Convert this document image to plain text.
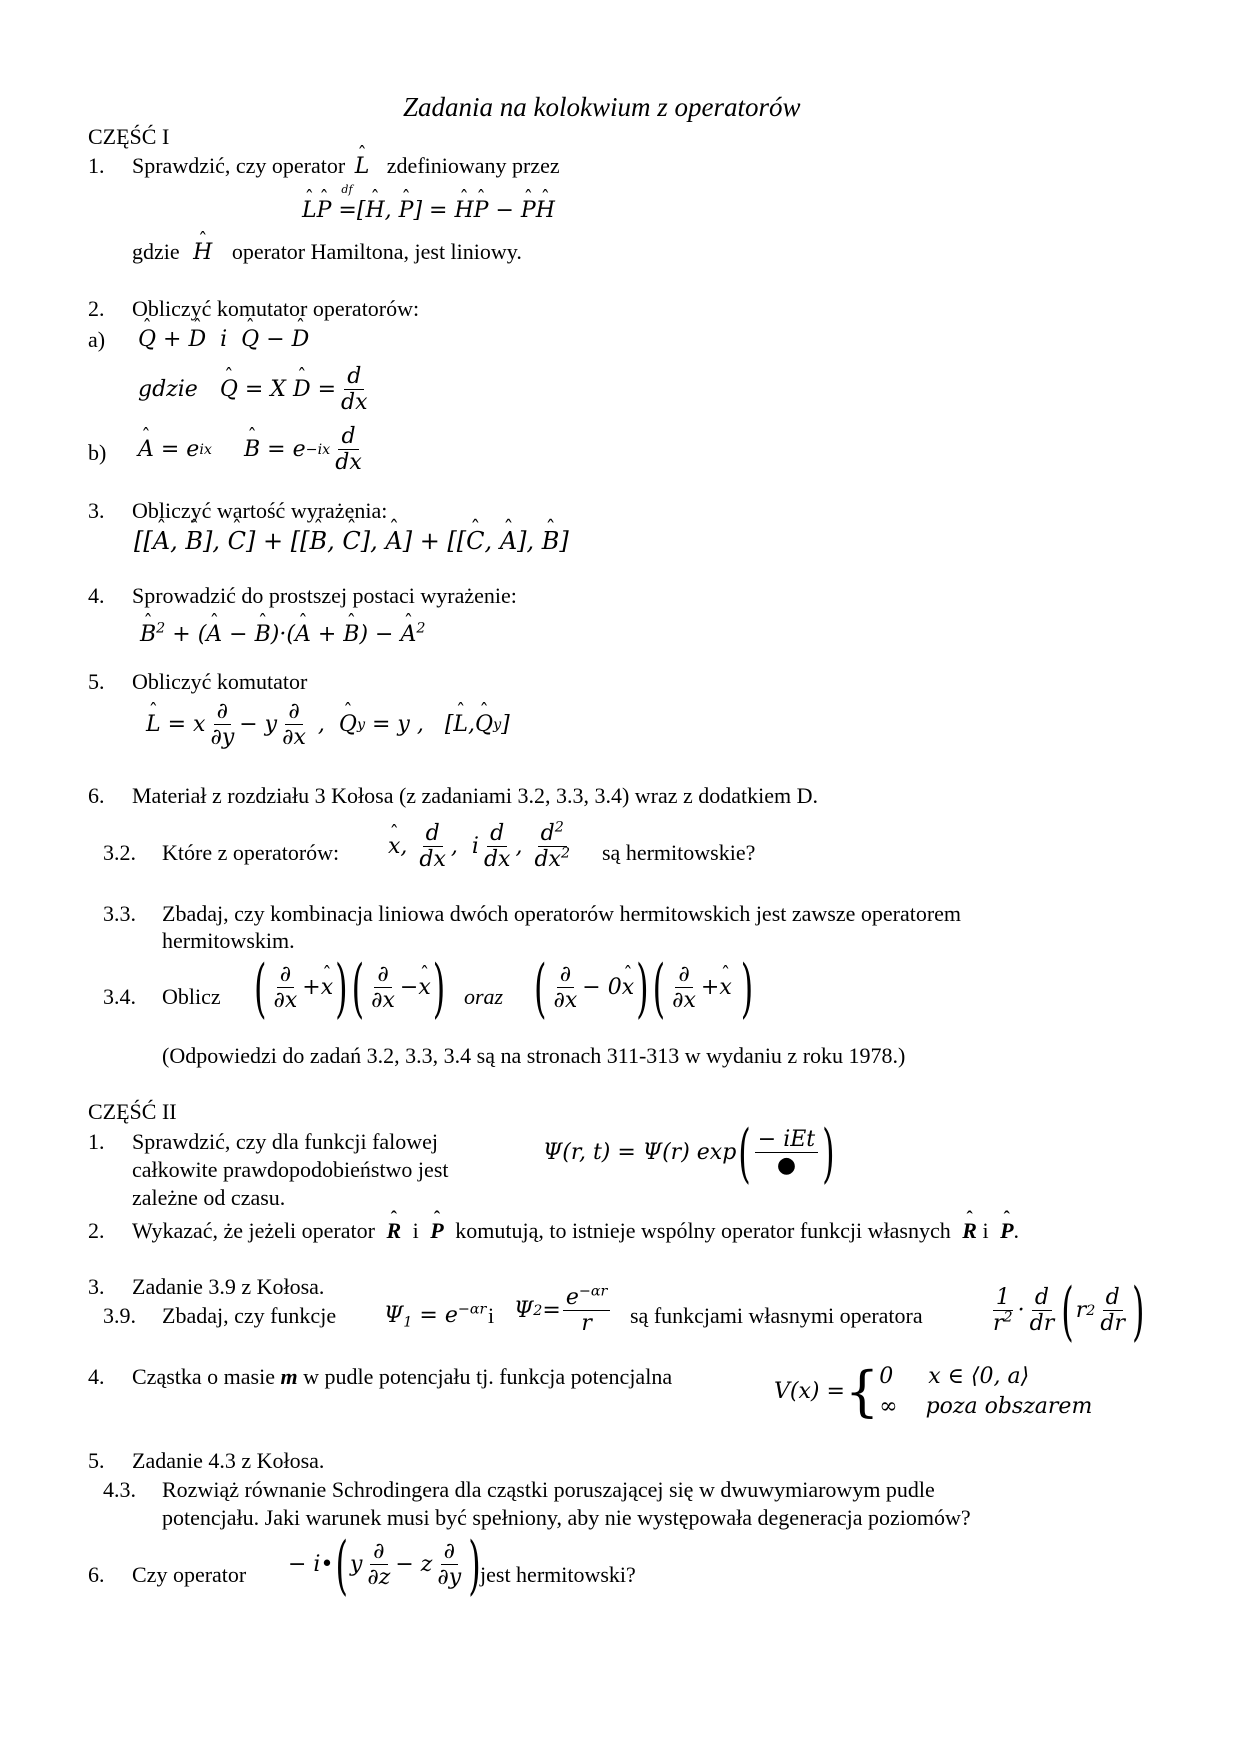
Zadania na kolokwium z operatorów
CZĘŚĆ I
1. Sprawdzić, czy operator ˆ L zdefiniowany przez
ˆ Lˆ P =
df
[ˆ H, ˆ P] = ˆ Hˆ P − ˆ Pˆ H
gdzie ˆ H operator Hamiltona, jest liniowy.
2. Obliczyć komutator operatorów:
a) ˆ Q + ˆ D i ˆ Q − ˆ D
gdzie ˆ Q = X ˆ $D = \frac{d}{dx}$
b) ˆ A = e ix ˆ $B = e -ix \frac{d}{dx}$
3. Obliczyć wartość wyrażenia:
[[ˆ A, ˆ B], ˆ C] + [[ˆ B, ˆ C], ˆ A] + [[ˆ C, ˆ A], ˆ B]
4. Sprowadzić do prostszej postaci wyrażenie:
ˆ $B^2$ + (ˆ A − ˆ B)·(ˆ A + ˆ B) − ˆ $A^2$
5. Obliczyć komutator
ˆ L = x $\frac{\partial}{\partial y} - y \frac{\partial}{\partial x}$ , ˆ Q y = y ,   [ ˆ L , ˆ Q y ]
6. Materiał z rozdziału 3 Kołosa (z zadaniami 3.2, 3.3, 3.4) wraz z dodatkiem D.
3.2. Które z operatorów: ˆ x , $\frac{d}{dx}$ ,  i $\frac{d}{dx}$ , $\frac{d^2}{dx^2}$ są hermitowskie?
3.3. Zbadaj, czy kombinacja liniowa dwóch operatorów hermitowskich jest zawsze operatorem
hermitowskim.
3.4. Oblicz ( $\frac{\partial}{\partial x}$ + ˆ x ) ( $\frac{\partial}{\partial x}$ − ˆ x ) oraz ( $\frac{\partial}{\partial x} - 0$ ˆ x ) ( $\frac{\partial}{\partial x}$ + ˆ x
)
(Odpowiedzi do zadań 3.2, 3.3, 3.4 są na stronach 311-313 w wydaniu z roku 1978.)
CZĘŚĆ II
1. Sprawdzić, czy dla funkcji falowej
całkowite prawdopodobieństwo jest
zależne od czasu.
Ψ(r, t) = Ψ(r) exp ( $\frac{\text{− iEt}}{●}$ )
2. Wykazać, że jeżeli operator ˆ R i ˆ P komutują, to istnieje wspólny operator funkcji własnych ˆ R i ˆ P.
3. Zadanie 3.9 z Kołosa.
3.9. Zbadaj, czy funkcje $\Psi_1 = e^{-\alpha r}$ i Ψ $2 = \frac{e^{-\alpha r}}{r}$ są funkcjami własnymi operatora	$\frac{1}{r^2} \cdot \frac{d}{dr}$ ( r $2 \frac{d}{dr}$ )
4. Cząstka o masie m w pudle potencjału tj. funkcja potencjalna
V(x) = { 0     x ∈ ⟨0, a⟩
∞ poza obszarem
5. Zadanie 4.3 z Kołosa.
4.3. Rozwiąż równanie Schrodingera dla cząstki poruszającej się w dwuwymiarowym pudle
potencjału. Jaki warunek musi być spełniony, aby nie występowała degeneracja poziomów?
6. Czy operator − i• ( y $\frac{\partial}{\partial z} - z \frac{\partial}{\partial y}$ ) jest hermitowski?
